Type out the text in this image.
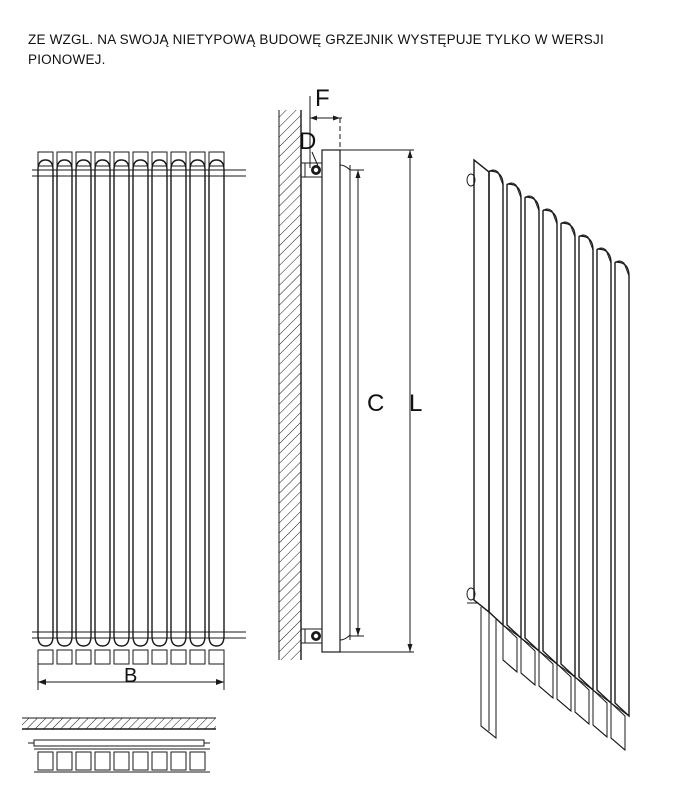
ZE WZGL. NA SWOJĄ NIETYPOWĄ BUDOWĘ GRZEJNIK WYSTĘPUJE TYLKO W WERSJI PIONOWEJ.
B
F
D
C L
